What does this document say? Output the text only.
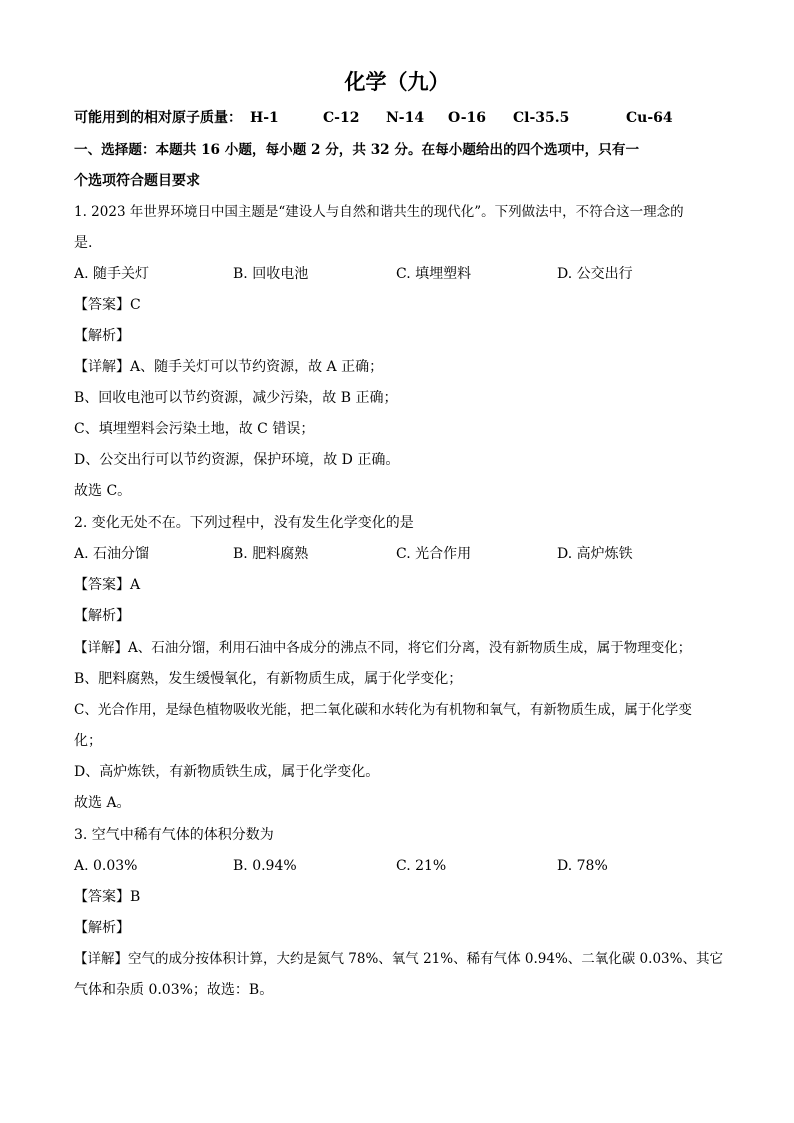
化学（九）
可能用到的相对原子质量： H-1	C-12 N-14 O-16 Cl-35.5	Cu-64
一、选择题：本题共 16 小题，每小题 2 分，共 32 分。在每小题给出的四个选项中，只有一
个选项符合题目要求
1. 2023 年世界环境日中国主题是“建设人与自然和谐共生的现代化”。下列做法中，不符合这一理念的
是.
A. 随手关灯	B. 回收电池	C. 填埋塑料	D. 公交出行
【答案】C
【解析】
【详解】A、随手关灯可以节约资源，故 A 正确；
B、回收电池可以节约资源，减少污染，故 B 正确；
C、填埋塑料会污染土地，故 C 错误；
D、公交出行可以节约资源，保护环境，故 D 正确。
故选 C。
2. 变化无处不在。下列过程中，没有发生化学变化的是
A. 石油分馏	B. 肥料腐熟	C. 光合作用	D. 高炉炼铁
【答案】A
【解析】
【详解】A、石油分馏，利用石油中各成分的沸点不同，将它们分离，没有新物质生成，属于物理变化；
B、肥料腐熟，发生缓慢氧化，有新物质生成，属于化学变化；
C、光合作用，是绿色植物吸收光能，把二氧化碳和水转化为有机物和氧气，有新物质生成，属于化学变
化；
D、高炉炼铁，有新物质铁生成，属于化学变化。
故选 A。
3. 空气中稀有气体的体积分数为
A. 0.03%	B. 0.94%	C. 21%	D. 78%
【答案】B
【解析】
【详解】空气的成分按体积计算，大约是氮气 78%、氧气 21%、稀有气体 0.94%、二氧化碳 0.03%、其它
气体和杂质 0.03%；故选：B。
